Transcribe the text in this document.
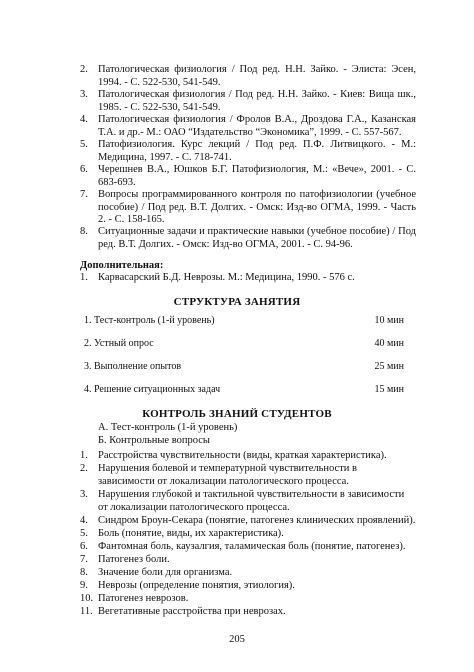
2. Патологическая физиология / Под ред. Н.Н. Зайко. - Элиста: Эсен, 1994. - С. 522-530, 541-549.
3. Патологическая физиология / Под ред. Н.Н. Зайко. - Киев: Вища шк., 1985. - С. 522-530, 541-549.
4. Патологическая физиология / Фролов В.А., Дроздова Г.А., Казанская Т.А. и др.- М.: ОАО “Издательство “Экономика”, 1999. - С. 557-567.
5. Патофизиология. Курс лекций / Под ред. П.Ф. Литвицкого. - М.: Медицина, 1997. - С. 718-741.
6. Черешнев В.А., Юшков Б.Г. Патофизиология, М.: «Вече», 2001. - С. 683-693.
7. Вопросы программированного контроля по патофизиологии (учебное пособие) / Под ред. В.Т. Долгих. - Омск: Изд-во ОГМА, 1999. - Часть 2. - С. 158-165.
8. Ситуационные задачи и практические навыки (учебное пособие) / Под ред. В.Т. Долгих. - Омск: Изд-во ОГМА, 2001. - С. 94-96.
Дополнительная:
1. Карвасарский Б.Д. Неврозы. М.: Медицина, 1990. - 576 с.
СТРУКТУРА ЗАНЯТИЯ
1. Тест-контроль (1-й уровень)	10 мин
2. Устный опрос	40 мин
3. Выполнение опытов	25 мин
4. Решение ситуационных задач	15 мин
КОНТРОЛЬ ЗНАНИЙ СТУДЕНТОВ
А. Тест-контроль (1-й уровень)
Б. Контрольные вопросы
1. Расстройства чувствительности (виды, краткая характеристика).
2. Нарушения болевой и температурной чувствительности в зависимости от локализации патологического процесса.
3. Нарушения глубокой и тактильной чувствительности в зависимости от локализации патологического процесса.
4. Синдром Броун-Секара (понятие, патогенез клинических проявлений).
5. Боль (понятие, виды, их характеристика).
6. Фантомная боль, каузалгия, таламическая боль (понятие, патогенез).
7. Патогенез боли.
8. Значение боли для организма.
9. Неврозы (определение понятия, этиология).
10. Патогенез неврозов.
11. Вегетативные расстройства при неврозах.
205
